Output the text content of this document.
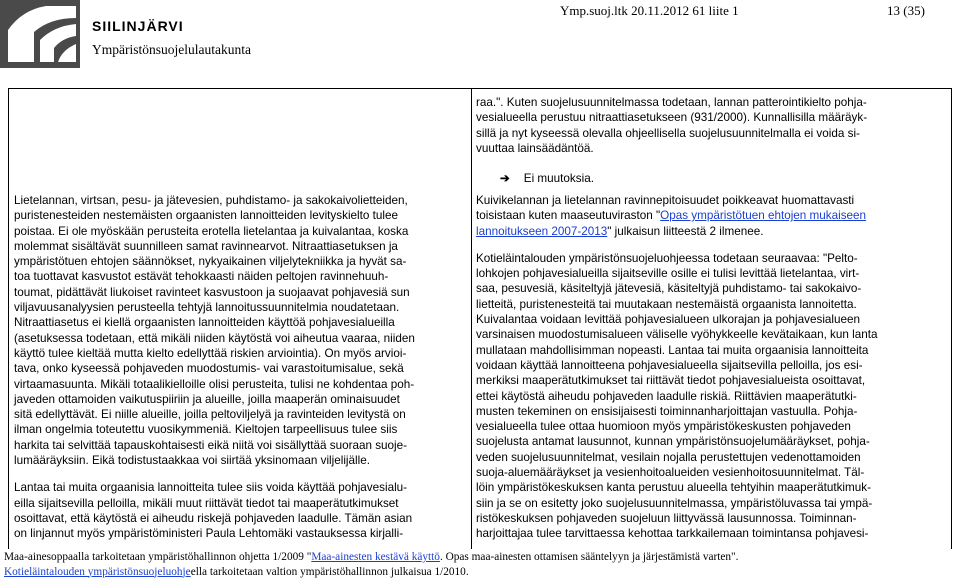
SIILINJÄRVI
Ympäristönsuojelulautakunta
Ymp.suoj.ltk 20.11.2012 61 liite 1	13 (35)
raa.". Kuten suojelusuunnitelmassa todetaan, lannan patterointikielto pohja-
vesialueella perustuu nitraattiasetukseen (931/2000). Kunnallisilla määräyk-
sillä ja nyt kyseessä olevalla ohjeellisella suojelusuunnitelmalla ei voida si-
vuuttaa lainsäädäntöä.
➔ Ei muutoksia.
Lietelannan, virtsan, pesu- ja jätevesien, puhdistamo- ja sakokaivolietteiden,
puristenesteiden nestemäisten orgaanisten lannoitteiden levityskielto tulee
poistaa. Ei ole myöskään perusteita erotella lietelantaa ja kuivalantaa, koska
molemmat sisältävät suunnilleen samat ravinnearvot. Nitraattiasetuksen ja
ympäristötuen ehtojen säännökset, nykyaikainen viljelytekniikka ja hyvät sa-
toa tuottavat kasvustot estävät tehokkaasti näiden peltojen ravinnehuuh-
toumat, pidättävät liukoiset ravinteet kasvustoon ja suojaavat pohjavesiä sun
viljavuusanalyysien perusteella tehtyjä lannoitussuunnitelmia noudatetaan.
Nitraattiasetus ei kiellä orgaanisten lannoitteiden käyttöä pohjavesialueilla
(asetuksessa todetaan, että mikäli niiden käytöstä voi aiheutua vaaraa, niiden
käyttö tulee kieltää mutta kielto edellyttää riskien arviointia). On myös arvioi-
tava, onko kyseessä pohjaveden muodostumis- vai varastoitumisalue, sekä
virtaamasuunta. Mikäli totaalikielloille olisi perusteita, tulisi ne kohdentaa poh-
javeden ottamoiden vaikutuspiiriin ja alueille, joilla maaperän ominaisuudet
sitä edellyttävät. Ei niille alueille, joilla peltoviljelyä ja ravinteiden levitystä on
ilman ongelmia toteutettu vuosikymmeniä. Kieltojen tarpeellisuus tulee siis
harkita tai selvittää tapauskohtaisesti eikä niitä voi sisällyttää suoraan suoje-
lumääräyksiin. Eikä todistustaakkaa voi siirtää yksinomaan viljelijälle.
Lantaa tai muita orgaanisia lannoitteita tulee siis voida käyttää pohjavesialu-
eilla sijaitsevilla pelloilla, mikäli muut riittävät tiedot tai maaperätutkimukset
osoittavat, että käytöstä ei aiheudu riskejä pohjaveden laadulle. Tämän asian
on linjannut myös ympäristöministeri Paula Lehtomäki vastauksessa kirjalli-
Kuivikelannan ja lietelannan ravinnepitoisuudet poikkeavat huomattavasti
toisistaan kuten maaseutuviraston "Opas ympäristötuen ehtojen mukaiseen
lannoitukseen 2007-2013" julkaisun liitteestä 2 ilmenee.
Kotieläintalouden ympäristönsuojeluohjeessa todetaan seuraavaa: "Pelto-
lohkojen pohjavesialueilla sijaitseville osille ei tulisi levittää lietelantaa, virt-
saa, pesuvesiä, käsiteltyjä jätevesiä, käsiteltyjä puhdistamo- tai sakokaivo-
lietteitä, puristenesteitä tai muutakaan nestemäistä orgaanista lannoitetta.
Kuivalantaa voidaan levittää pohjavesialueen ulkorajan ja pohjavesialueen
varsinaisen muodostumisalueen väliselle vyöhykkeelle kevätaikaan, kun lanta
mullataan mahdollisimman nopeasti. Lantaa tai muita orgaanisia lannoitteita
voidaan käyttää lannoitteena pohjavesialueella sijaitsevilla pelloilla, jos esi-
merkiksi maaperätutkimukset tai riittävät tiedot pohjavesialueista osoittavat,
ettei käytöstä aiheudu pohjaveden laadulle riskiä. Riittävien maaperätutki-
musten tekeminen on ensisijaisesti toiminnanharjoittajan vastuulla. Pohja-
vesialueella tulee ottaa huomioon myös ympäristökeskusten pohjaveden
suojelusta antamat lausunnot, kunnan ympäristönsuojelumääräykset, pohja-
veden suojelusuunnitelmat, vesilain nojalla perustettujen vedenottamoiden
suoja-aluemääräykset ja vesienhoitoalueiden vesienhoitosuunnitelmat. Täl-
löin ympäristökeskuksen kanta perustuu alueella tehtyihin maaperätutkimuk-
siin ja se on esitetty joko suojelusuunnitelmassa, ympäristöluvassa tai ympä-
ristökeskuksen pohjaveden suojeluun liittyvässä lausunnossa. Toiminnan-
harjoittajaa tulee tarvittaessa kehottaa tarkkailemaan toimintansa pohjavesi-
Maa-ainesoppaalla tarkoitetaan ympäristöhallinnon ohjetta 1/2009 "Maa-ainesten kestävä käyttö. Opas maa-ainesten ottamisen sääntelyyn ja järjestämistä varten".
Kotieläintalouden ympäristönsuojeluohjeella tarkoitetaan valtion ympäristöhallinnon julkaisua 1/2010.
